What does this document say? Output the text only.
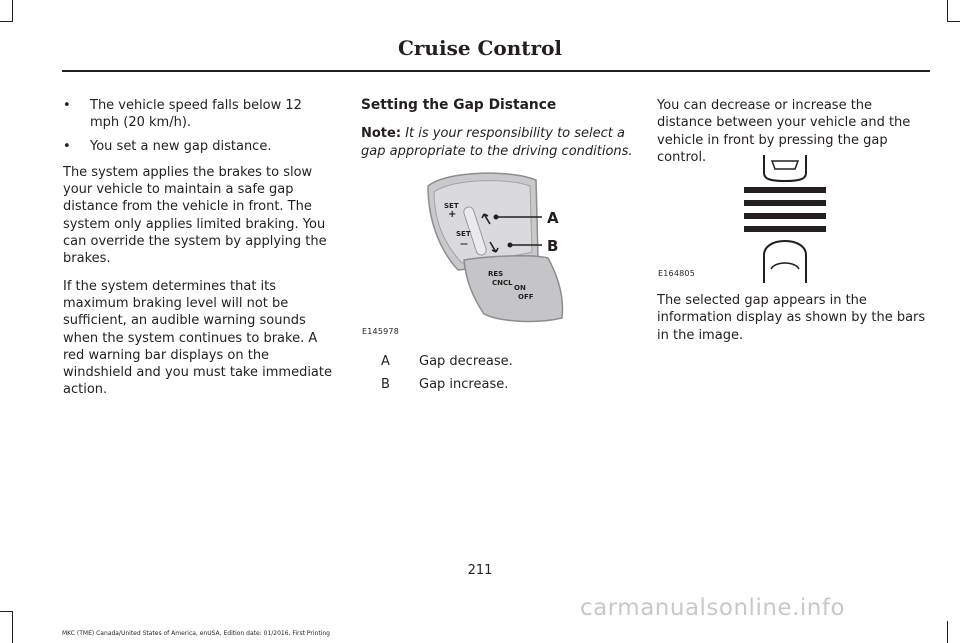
Cruise Control
• The vehicle speed falls below 12 mph (20 km/h).
• You set a new gap distance.

The system applies the brakes to slow your vehicle to maintain a safe gap distance from the vehicle in front. The system only applies limited braking. You can override the system by applying the brakes.

If the system determines that its maximum braking level will not be sufficient, an audible warning sounds when the system continues to brake. A red warning bar displays on the windshield and you must take immediate action.

Setting the Gap Distance

Note: It is your responsibility to select a gap appropriate to the driving conditions.

SET
+
SET
—
RES
CNCL
ON
OFF
A
B
E145978
A Gap decrease.
B Gap increase.
You can decrease or increase the distance between your vehicle and the vehicle in front by pressing the gap control.
E164805
The selected gap appears in the information display as shown by the bars in the image.
211
MKC (TME) Canada/United States of America, enUSA, Edition date: 01/2016, First Printing
carmanualsonline.info
